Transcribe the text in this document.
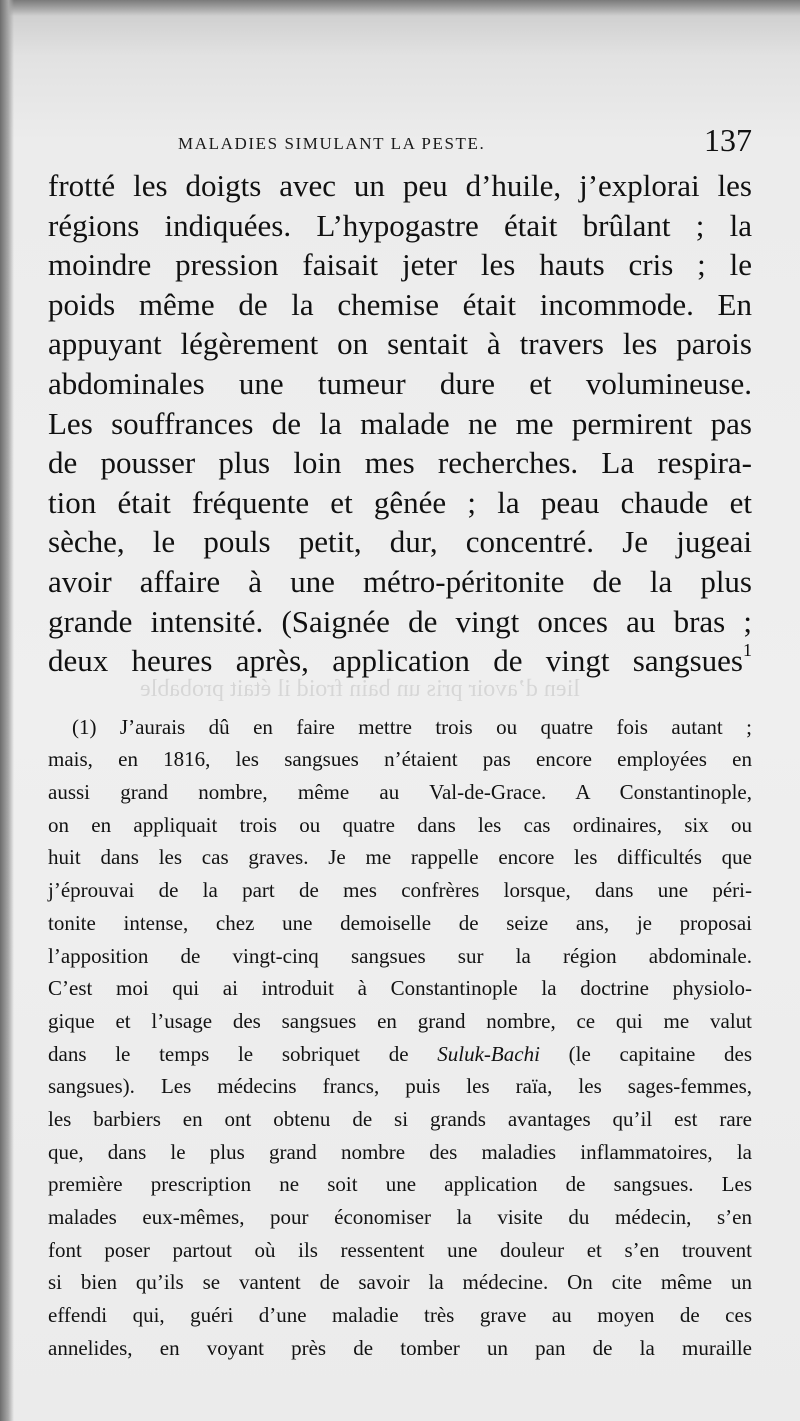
lien d’avoir pris un bain froid il était probable
MALADIES SIMULANT LA PESTE.	137
frotté les doigts avec un peu d’huile, j’explorai les
régions indiquées. L’hypogastre était brûlant ; la
moindre pression faisait jeter les hauts cris ; le
poids même de la chemise était incommode. En
appuyant légèrement on sentait à travers les parois
abdominales une tumeur dure et volumineuse.
Les souffrances de la malade ne me permirent pas
de pousser plus loin mes recherches. La respira-
tion était fréquente et gênée ; la peau chaude et
sèche, le pouls petit, dur, concentré. Je jugeai
avoir affaire à une métro-péritonite de la plus
grande intensité. (Saignée de vingt onces au bras ;
deux heures après, application de vingt sangsues$^1$
(1) J’aurais dû en faire mettre trois ou quatre fois autant ;
mais, en 1816, les sangsues n’étaient pas encore employées en
aussi grand nombre, même au Val-de-Grace. A Constantinople,
on en appliquait trois ou quatre dans les cas ordinaires, six ou
huit dans les cas graves. Je me rappelle encore les difficultés que
j’éprouvai de la part de mes confrères lorsque, dans une péri-
tonite intense, chez une demoiselle de seize ans, je proposai
l’apposition de vingt-cinq sangsues sur la région abdominale.
C’est moi qui ai introduit à Constantinople la doctrine physiolo-
gique et l’usage des sangsues en grand nombre, ce qui me valut
dans le temps le sobriquet de Suluk-Bachi (le capitaine des
sangsues). Les médecins francs, puis les raïa, les sages-femmes,
les barbiers en ont obtenu de si grands avantages qu’il est rare
que, dans le plus grand nombre des maladies inflammatoires, la
première prescription ne soit une application de sangsues. Les
malades eux-mêmes, pour économiser la visite du médecin, s’en
font poser partout où ils ressentent une douleur et s’en trouvent
si bien qu’ils se vantent de savoir la médecine. On cite même un
effendi qui, guéri d’une maladie très grave au moyen de ces
annelides, en voyant près de tomber un pan de la muraille
